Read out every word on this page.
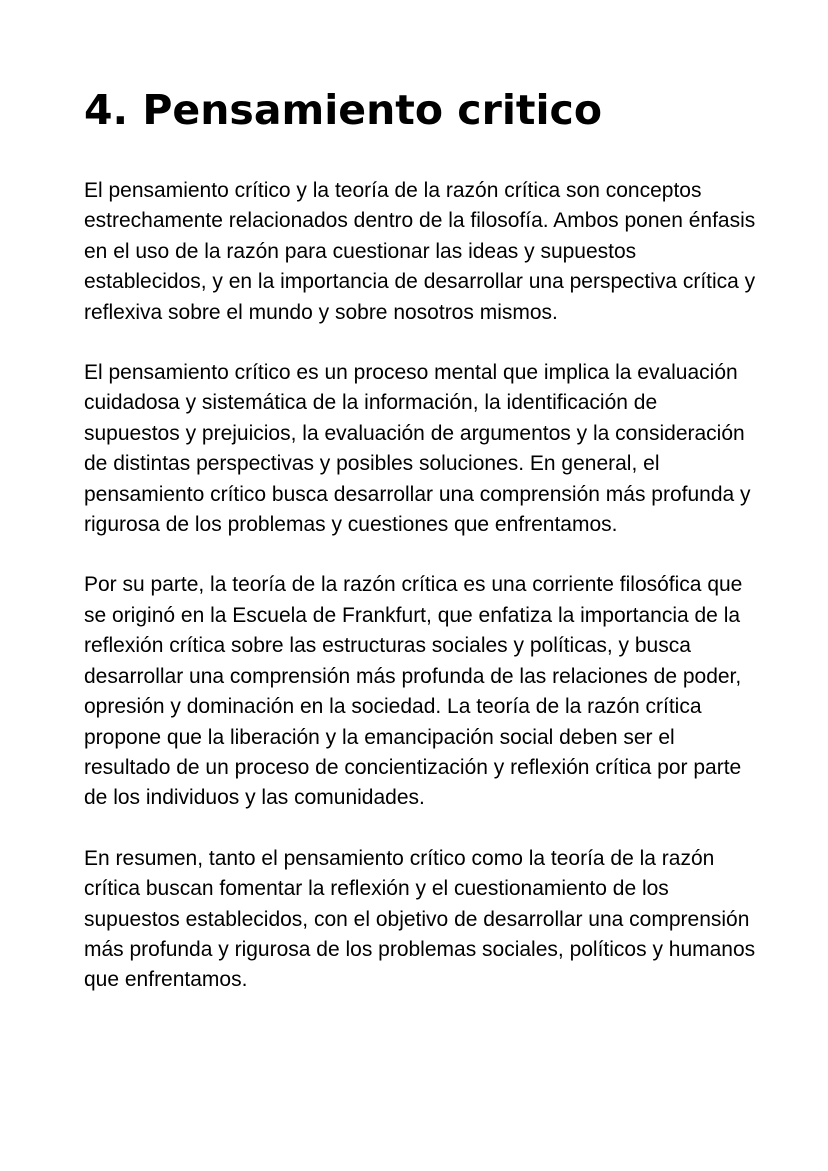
4. Pensamiento critico

El pensamiento crítico y la teoría de la razón crítica son conceptos estrechamente relacionados dentro de la filosofía. Ambos ponen énfasis en el uso de la razón para cuestionar las ideas y supuestos establecidos, y en la importancia de desarrollar una perspectiva crítica y reflexiva sobre el mundo y sobre nosotros mismos.

El pensamiento crítico es un proceso mental que implica la evaluación cuidadosa y sistemática de la información, la identificación de supuestos y prejuicios, la evaluación de argumentos y la consideración de distintas perspectivas y posibles soluciones. En general, el pensamiento crítico busca desarrollar una comprensión más profunda y rigurosa de los problemas y cuestiones que enfrentamos.

Por su parte, la teoría de la razón crítica es una corriente filosófica que se originó en la Escuela de Frankfurt, que enfatiza la importancia de la reflexión crítica sobre las estructuras sociales y políticas, y busca desarrollar una comprensión más profunda de las relaciones de poder, opresión y dominación en la sociedad. La teoría de la razón crítica propone que la liberación y la emancipación social deben ser el resultado de un proceso de concientización y reflexión crítica por parte de los individuos y las comunidades.

En resumen, tanto el pensamiento crítico como la teoría de la razón crítica buscan fomentar la reflexión y el cuestionamiento de los supuestos establecidos, con el objetivo de desarrollar una comprensión más profunda y rigurosa de los problemas sociales, políticos y humanos que enfrentamos.
